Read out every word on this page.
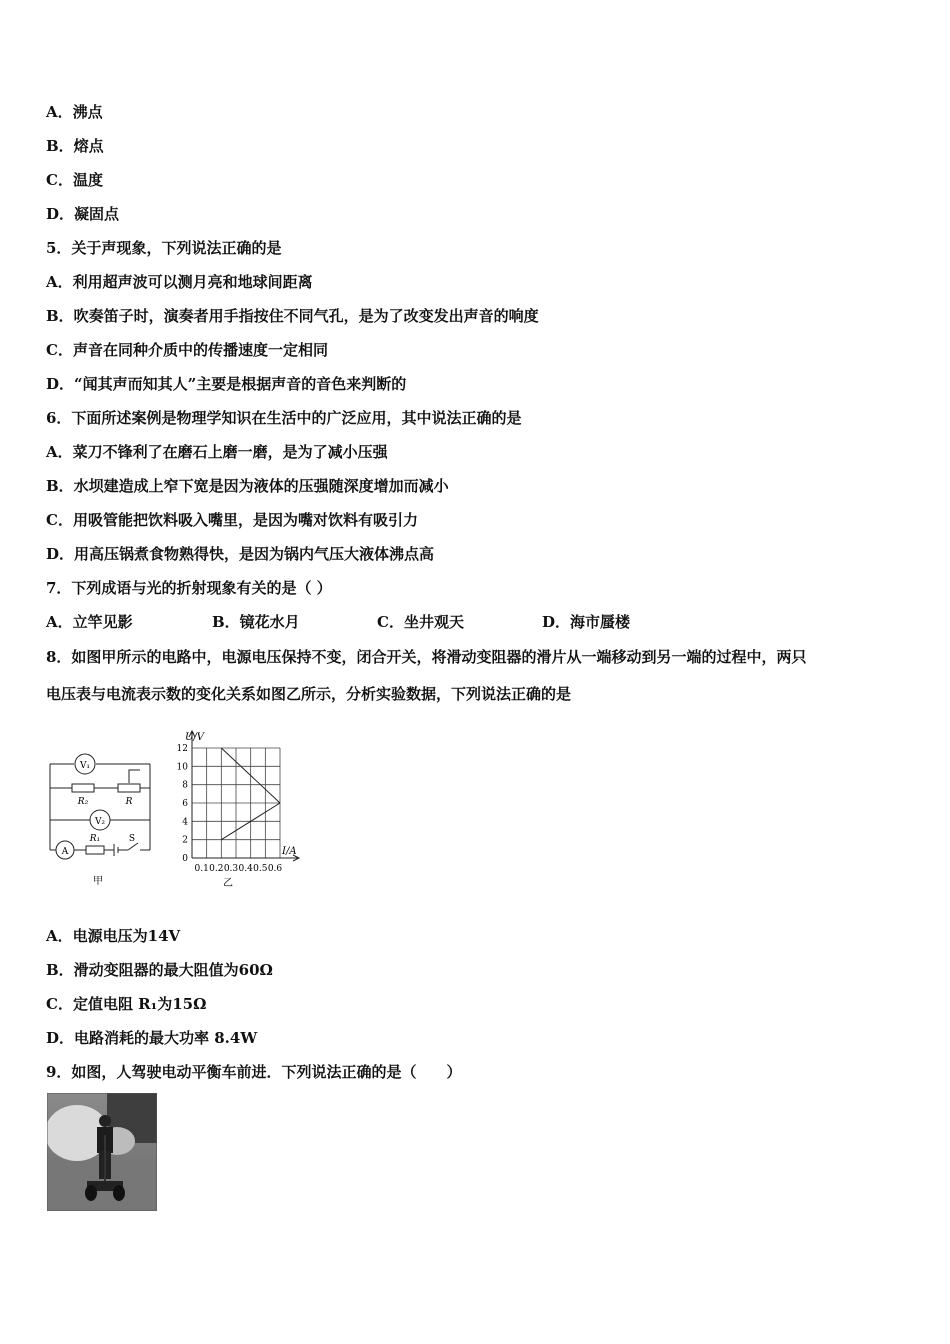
A．沸点
B．熔点
C．温度
D．凝固点
5．关于声现象，下列说法正确的是
A．利用超声波可以测月亮和地球间距离
B．吹奏笛子时，演奏者用手指按住不同气孔，是为了改变发出声音的响度
C．声音在同种介质中的传播速度一定相同
D．“闻其声而知其人”主要是根据声音的音色来判断的
6．下面所述案例是物理学知识在生活中的广泛应用，其中说法正确的是
A．菜刀不锋利了在磨石上磨一磨，是为了减小压强
B．水坝建造成上窄下宽是因为液体的压强随深度增加而减小
C．用吸管能把饮料吸入嘴里，是因为嘴对饮料有吸引力
D．用高压锅煮食物熟得快，是因为锅内气压大液体沸点高
7．下列成语与光的折射现象有关的是（ ）
A．立竿见影	B．镜花水月	C．坐井观天	D．海市蜃楼
8．如图甲所示的电路中，电源电压保持不变，闭合开关，将滑动变阻器的滑片从一端移动到另一端的过程中，两只
电压表与电流表示数的变化关系如图乙所示，分析实验数据，下列说法正确的是
V₁
R₂	R
V₂
A
R₁	S
甲
0
2
4
6
8
10
12
0.1 0.2 0.3 0.4 0.5 0.6
U/V
I/A
乙
A．电源电压为14V
B．滑动变阻器的最大阻值为60Ω
C．定值电阻 R₁为15Ω
D．电路消耗的最大功率 8.4W
9．如图，人驾驶电动平衡车前进．下列说法正确的是（　　）
